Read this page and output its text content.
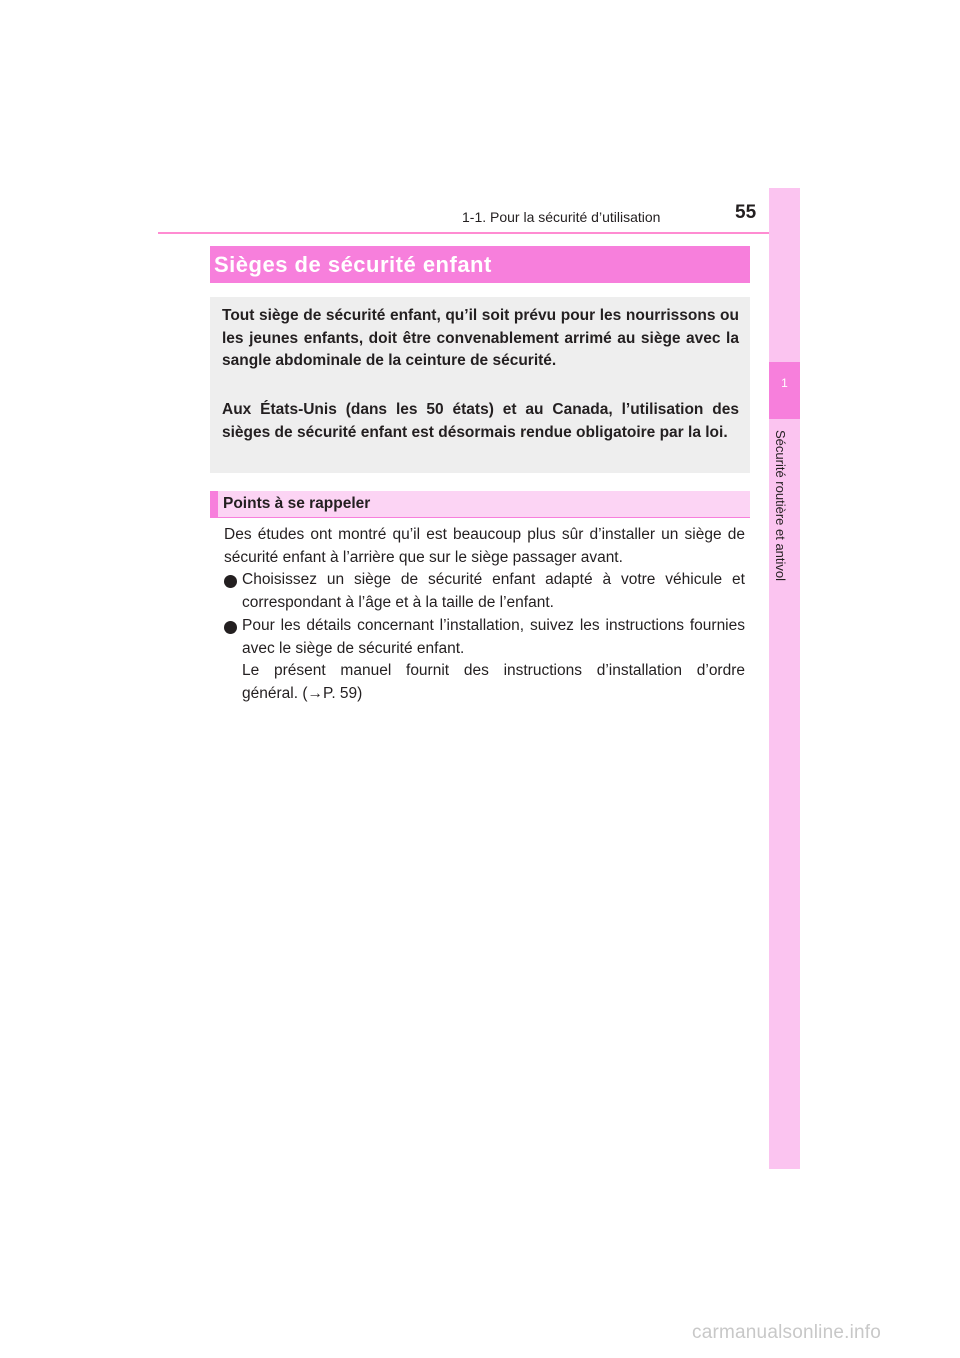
1-1. Pour la sécurité d’utilisation	55
1
Sécurité routière et antivol
Sièges de sécurité enfant

Tout siège de sécurité enfant, qu’il soit prévu pour les nourrissons ou les jeunes enfants, doit être convenablement arrimé au siège avec la sangle abdominale de la ceinture de sécurité.

Aux États-Unis (dans les 50 états) et au Canada, l’utilisation des sièges de sécurité enfant est désormais rendue obligatoire par la loi.

Points à se rappeler

Des études ont montré qu’il est beaucoup plus sûr d’installer un siège de sécurité enfant à l’arrière que sur le siège passager avant.

Choisissez un siège de sécurité enfant adapté à votre véhicule et correspondant à l’âge et à la taille de l’enfant.

Pour les détails concernant l’installation, suivez les instructions fournies avec le siège de sécurité enfant.

Le présent manuel fournit des instructions d’installation d’ordre

général. (→P. 59)

carmanualsonline.info
